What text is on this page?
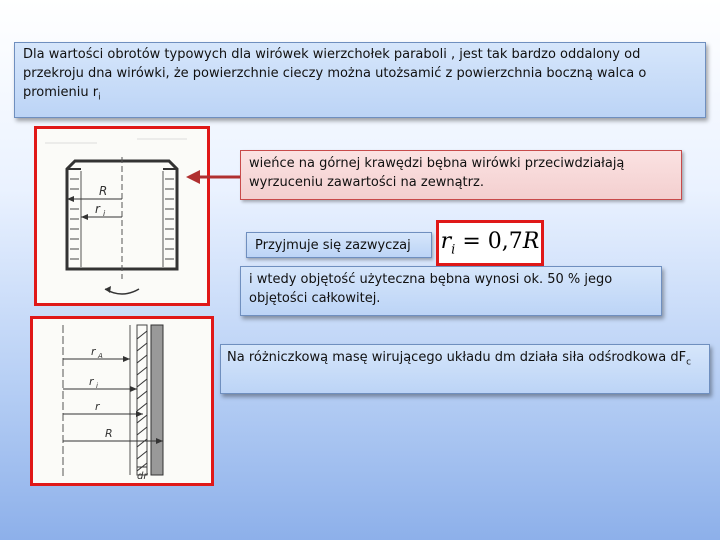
Dla wartości obrotów typowych dla wirówek wierzchołek paraboli , jest tak bardzo oddalony od przekroju dna wirówki, że powierzchnie cieczy można utożsamić z powierzchnia boczną walca o promieniu $r_i$
R
r i
wieńce na górnej krawędzi bębna wirówki przeciwdziałają wyrzuceniu zawartości na zewnątrz.
Przyjmuje się zazwyczaj	$r_i = 0,7R$
i wtedy objętość użyteczna bębna wynosi ok. 50 % jego objętości całkowitej.
r A
r i
r
R
dr
Na różniczkową masę wirującego układu dm działa siła odśrodkowa $dF_c$
